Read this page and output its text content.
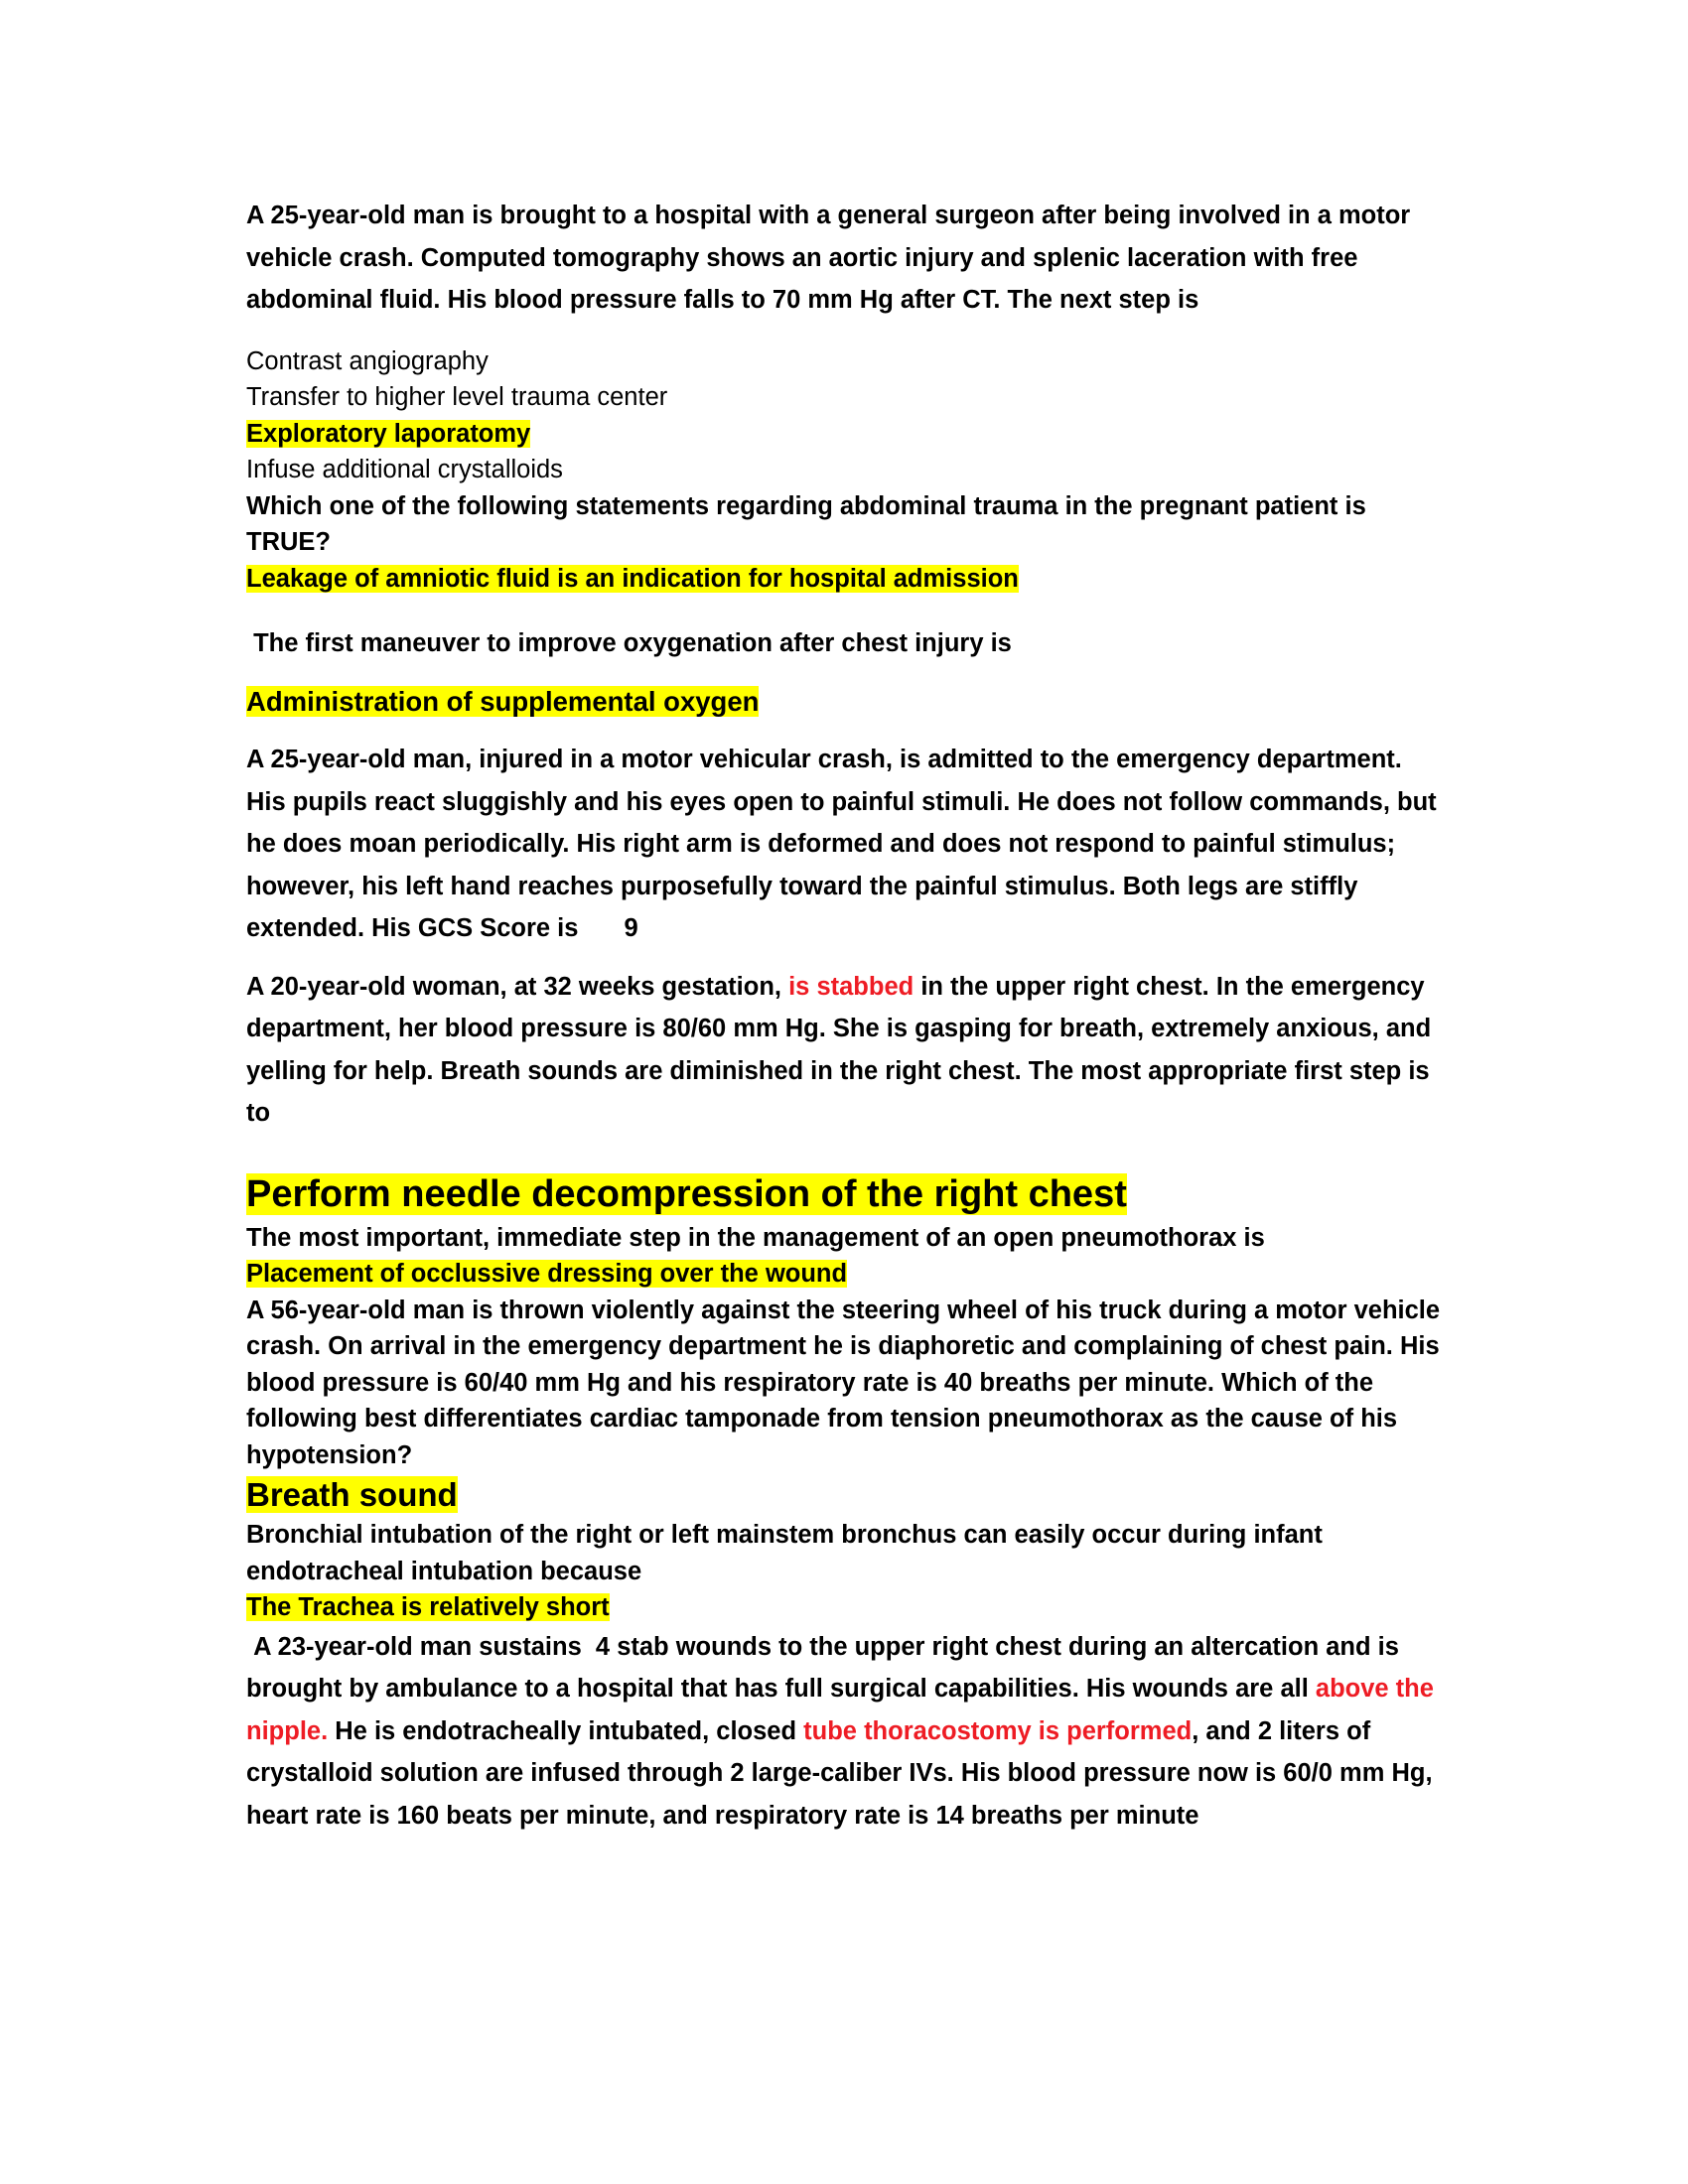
A 25-year-old man is brought to a hospital with a general surgeon after being involved in a motor vehicle crash. Computed tomography shows an aortic injury and splenic laceration with free abdominal fluid. His blood pressure falls to 70 mm Hg after CT. The next step is

Contrast angiography

Transfer to higher level trauma center

Exploratory laporatomy

Infuse additional crystalloids

Which one of the following statements regarding abdominal trauma in the pregnant patient is TRUE?

Leakage of amniotic fluid is an indication for hospital admission

The first maneuver to improve oxygenation after chest injury is

Administration of supplemental oxygen

A 25-year-old man, injured in a motor vehicular crash, is admitted to the emergency department. His pupils react sluggishly and his eyes open to painful stimuli. He does not follow commands, but he does moan periodically. His right arm is deformed and does not respond to painful stimulus; however, his left hand reaches purposefully toward the painful stimulus. Both legs are stiffly extended. His GCS Score is 9

A 20-year-old woman, at 32 weeks gestation, is stabbed in the upper right chest. In the emergency department, her blood pressure is 80/60 mm Hg. She is gasping for breath, extremely anxious, and yelling for help. Breath sounds are diminished in the right chest. The most appropriate first step is to

Perform needle decompression of the right chest

The most important, immediate step in the management of an open pneumothorax is

Placement of occlussive dressing over the wound

A 56-year-old man is thrown violently against the steering wheel of his truck during a motor vehicle crash. On arrival in the emergency department he is diaphoretic and complaining of chest pain. His blood pressure is 60/40 mm Hg and his respiratory rate is 40 breaths per minute. Which of the following best differentiates cardiac tamponade from tension pneumothorax as the cause of his hypotension?

Breath sound

Bronchial intubation of the right or left mainstem bronchus can easily occur during infant endotracheal intubation because

The Trachea is relatively short

A 23-year-old man sustains  4 stab wounds to the upper right chest during an altercation and is brought by ambulance to a hospital that has full surgical capabilities. His wounds are all above the nipple. He is endotracheally intubated, closed tube thoracostomy is performed, and 2 liters of crystalloid solution are infused through 2 large-caliber IVs. His blood pressure now is 60/0 mm Hg, heart rate is 160 beats per minute, and respiratory rate is 14 breaths per minute
